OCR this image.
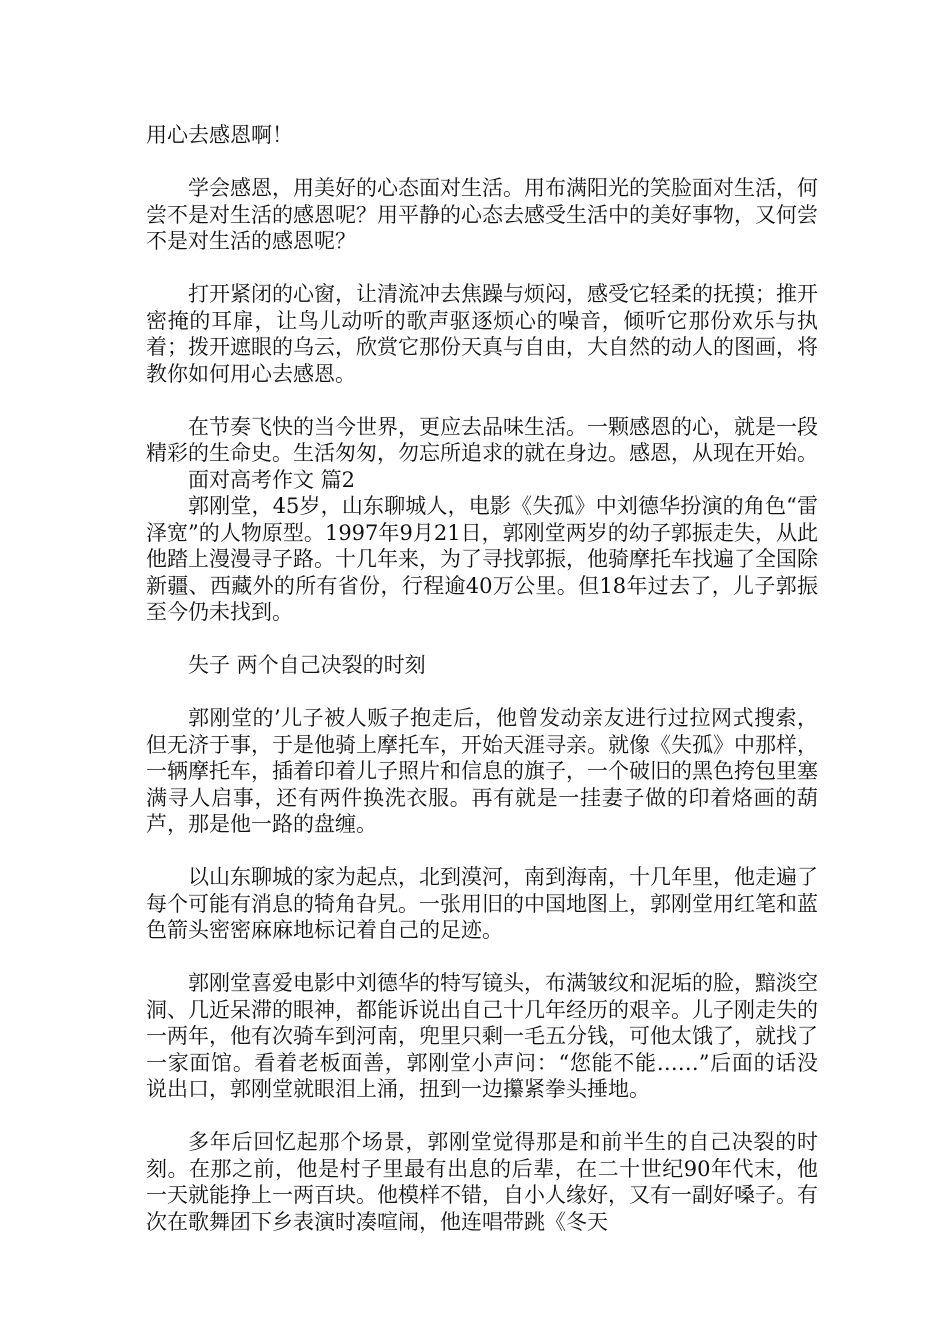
用心去感恩啊！

学会感恩，用美好的心态面对生活。用布满阳光的笑脸面对生活，何尝不是对生活的感恩呢？用平静的心态去感受生活中的美好事物，又何尝不是对生活的感恩呢？

打开紧闭的心窗，让清流冲去焦躁与烦闷，感受它轻柔的抚摸；推开密掩的耳扉，让鸟儿动听的歌声驱逐烦心的噪音，倾听它那份欢乐与执着；拨开遮眼的乌云，欣赏它那份天真与自由，大自然的动人的图画，将教你如何用心去感恩。

在节奏飞快的当今世界，更应去品味生活。一颗感恩的心，就是一段精彩的生命史。生活匆匆，勿忘所追求的就在身边。感恩，从现在开始。

面对高考作文 篇2

郭刚堂，45岁，山东聊城人，电影《失孤》中刘德华扮演的角色“雷泽宽”的人物原型。1997年9月21日，郭刚堂两岁的幼子郭振走失，从此他踏上漫漫寻子路。十几年来，为了寻找郭振，他骑摩托车找遍了全国除新疆、西藏外的所有省份，行程逾40万公里。但18年过去了，儿子郭振至今仍未找到。

失子 两个自己决裂的时刻

郭刚堂的’儿子被人贩子抱走后，他曾发动亲友进行过拉网式搜索，但无济于事，于是他骑上摩托车，开始天涯寻亲。就像《失孤》中那样，一辆摩托车，插着印着儿子照片和信息的旗子，一个破旧的黑色挎包里塞满寻人启事，还有两件换洗衣服。再有就是一挂妻子做的印着烙画的葫芦，那是他一路的盘缠。

以山东聊城的家为起点，北到漠河，南到海南，十几年里，他走遍了每个可能有消息的犄角旮旯。一张用旧的中国地图上，郭刚堂用红笔和蓝色箭头密密麻麻地标记着自己的足迹。

郭刚堂喜爱电影中刘德华的特写镜头，布满皱纹和泥垢的脸，黯淡空洞、几近呆滞的眼神，都能诉说出自己十几年经历的艰辛。儿子刚走失的一两年，他有次骑车到河南，兜里只剩一毛五分钱，可他太饿了，就找了一家面馆。看着老板面善，郭刚堂小声问：“您能不能……”后面的话没说出口，郭刚堂就眼泪上涌，扭到一边攥紧拳头捶地。

多年后回忆起那个场景，郭刚堂觉得那是和前半生的自己决裂的时刻。在那之前，他是村子里最有出息的后辈，在二十世纪90年代末，他一天就能挣上一两百块。他模样不错，自小人缘好，又有一副好嗓子。有次在歌舞团下乡表演时凑喧闹，他连唱带跳《冬天
